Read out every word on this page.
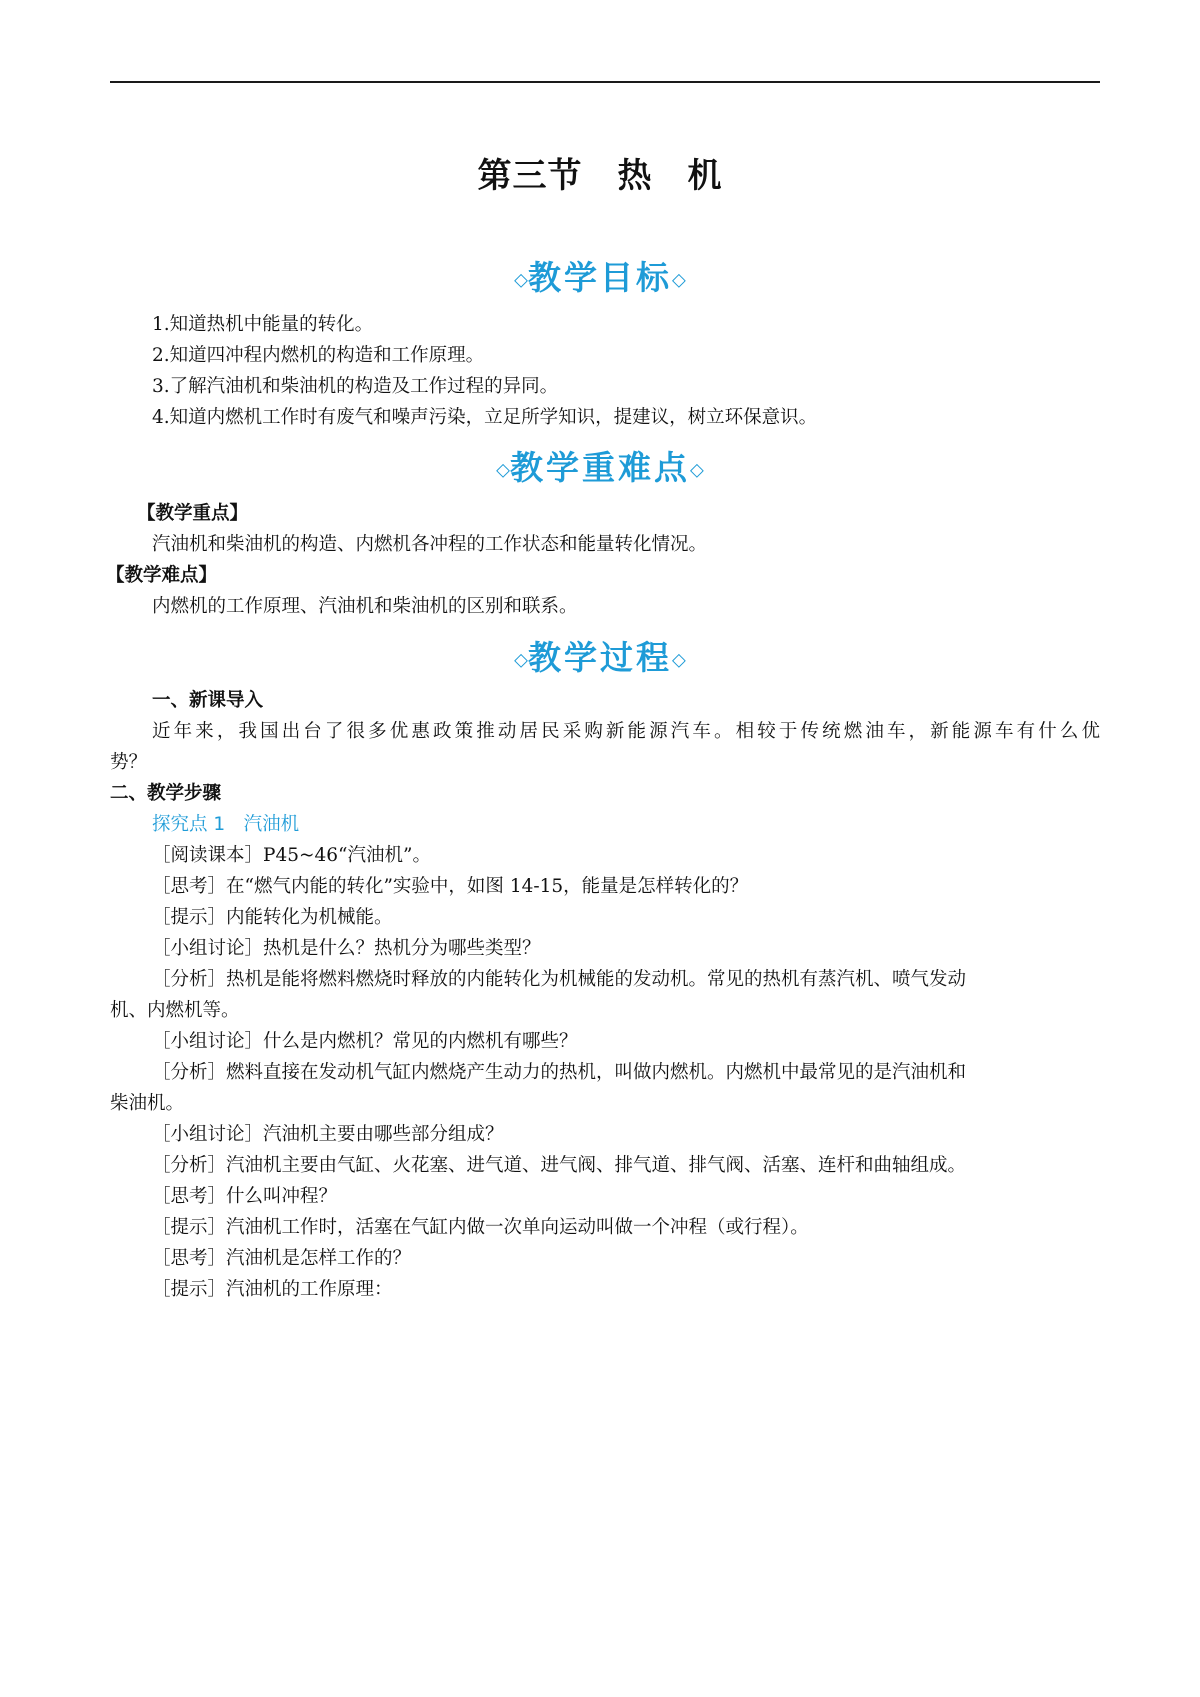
第三节　热　机
◇教学目标◇
1.知道热机中能量的转化。
2.知道四冲程内燃机的构造和工作原理。
3.了解汽油机和柴油机的构造及工作过程的异同。
4.知道内燃机工作时有废气和噪声污染，立足所学知识，提建议，树立环保意识。
◇教学重难点◇
【教学重点】
汽油机和柴油机的构造、内燃机各冲程的工作状态和能量转化情况。
【教学难点】
内燃机的工作原理、汽油机和柴油机的区别和联系。
◇教学过程◇
一、新课导入
近年来，我国出台了很多优惠政策推动居民采购新能源汽车。相较于传统燃油车，新能源车有什么优
势？
二、教学步骤
探究点 1　汽油机
［阅读课本］P45~46“汽油机”。
［思考］在“燃气内能的转化”实验中，如图 14-15，能量是怎样转化的？
［提示］内能转化为机械能。
［小组讨论］热机是什么？热机分为哪些类型？
［分析］热机是能将燃料燃烧时释放的内能转化为机械能的发动机。常见的热机有蒸汽机、喷气发动
机、内燃机等。
［小组讨论］什么是内燃机？常见的内燃机有哪些？
［分析］燃料直接在发动机气缸内燃烧产生动力的热机，叫做内燃机。内燃机中最常见的是汽油机和
柴油机。
［小组讨论］汽油机主要由哪些部分组成？
［分析］汽油机主要由气缸、火花塞、进气道、进气阀、排气道、排气阀、活塞、连杆和曲轴组成。
［思考］什么叫冲程？
［提示］汽油机工作时，活塞在气缸内做一次单向运动叫做一个冲程（或行程）。
［思考］汽油机是怎样工作的？
［提示］汽油机的工作原理：
